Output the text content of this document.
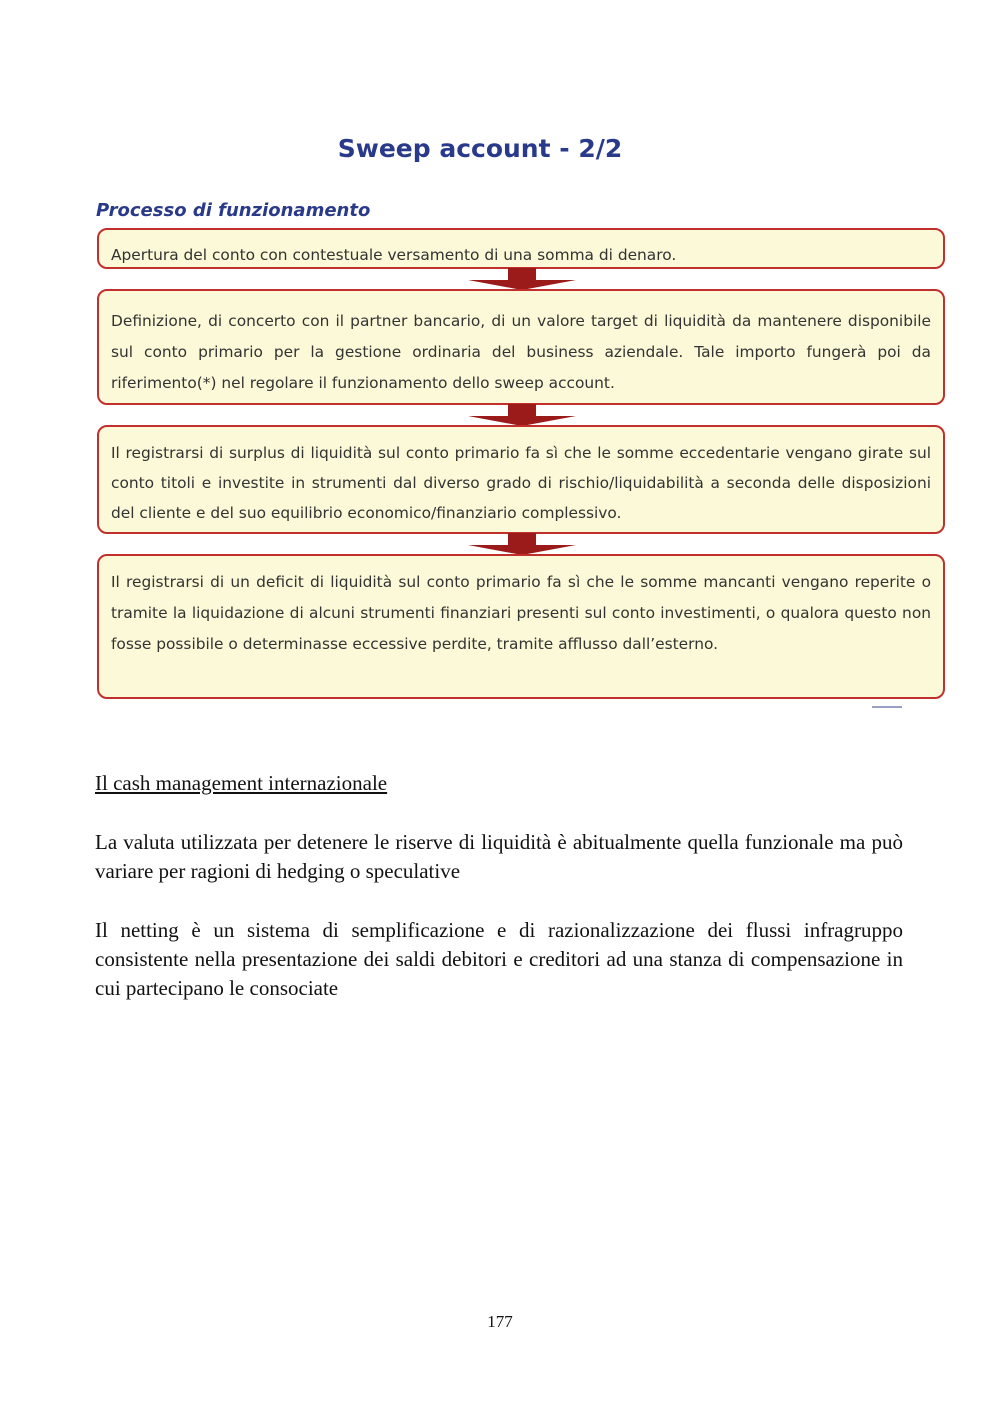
Sweep account - 2/2
Processo di funzionamento

Apertura del conto con contestuale versamento di una somma di denaro.

Definizione, di concerto con il partner bancario, di un valore target di liquidità da mantenere disponibile sul conto primario per la gestione ordinaria del business aziendale. Tale importo fungerà poi da riferimento(*) nel regolare il funzionamento dello sweep account.

Il registrarsi di surplus di liquidità sul conto primario fa sì che le somme eccedentarie vengano girate sul conto titoli e investite in strumenti dal diverso grado di rischio/liquidabilità a seconda delle disposizioni del cliente e del suo equilibrio economico/finanziario complessivo.

Il registrarsi di un deficit di liquidità sul conto primario fa sì che le somme mancanti vengano reperite o tramite la liquidazione di alcuni strumenti finanziari presenti sul conto investimenti, o qualora questo non fosse possibile o determinasse eccessive perdite, tramite afflusso dall’esterno.

Il cash management internazionale

La valuta utilizzata per detenere le riserve di liquidità è abitualmente quella funzionale ma può variare per ragioni di hedging o speculative

Il netting è un sistema di semplificazione e di razionalizzazione dei flussi infragruppo consistente nella presentazione dei saldi debitori e creditori ad una stanza di compensazione in cui partecipano le consociate

177
